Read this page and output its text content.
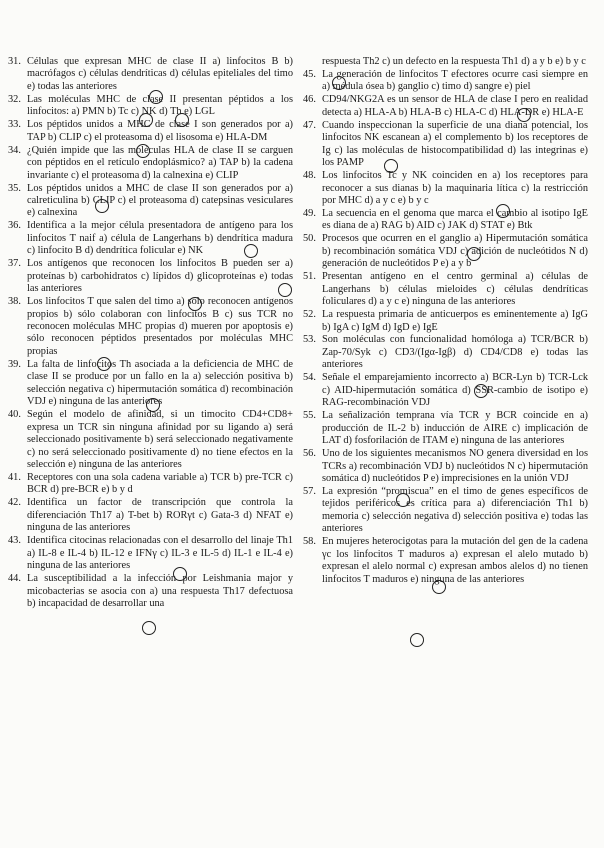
31. Células que expresan MHC de clase II a) linfocitos B b) macrófagos c) células dendríticas d) células epiteliales del timo e) todas las anteriores
32. Las moléculas MHC de clase II presentan péptidos a los linfocitos: a) PMN b) Tc c) NK d) Th e) LGL
33. Los péptidos unidos a MHC de clase I son generados por a) TAP b) CLIP c) el proteasoma d) el lisosoma e) HLA-DM
34. ¿Quién impide que las moléculas HLA de clase II se carguen con péptidos en el retículo endoplásmico? a) TAP b) la cadena invariante c) el proteasoma d) la calnexina e) CLIP
35. Los péptidos unidos a MHC de clase II son generados por a) calreticulina b) CLIP c) el proteasoma d) catepsinas vesiculares e) calnexina
36. Identifica a la mejor célula presentadora de antígeno para los linfocitos T naif a) célula de Langerhans b) dendrítica madura c) linfocito B d) dendrítica folicular e) NK
37. Los antígenos que reconocen los linfocitos B pueden ser a) proteínas b) carbohidratos c) lípidos d) glicoproteínas e) todas las anteriores
38. Los linfocitos T que salen del timo a) sólo reconocen antígenos propios b) sólo colaboran con linfocitos B c) sus TCR no reconocen moléculas MHC propias d) mueren por apoptosis e) sólo reconocen péptidos presentados por moléculas MHC propias
39. La falta de linfocitos Th asociada a la deficiencia de MHC de clase II se produce por un fallo en la a) selección positiva b) selección negativa c) hipermutación somática d) recombinación VDJ e) ninguna de las anteriores
40. Según el modelo de afinidad, si un timocito CD4+CD8+ expresa un TCR sin ninguna afinidad por su ligando a) será seleccionado positivamente b) será seleccionado negativamente c) no será seleccionado positivamente d) no tiene efectos en la selección e) ninguna de las anteriores
41. Receptores con una sola cadena variable a) TCR b) pre-TCR c) BCR d) pre-BCR e) b y d
42. Identifica un factor de transcripción que controla la diferenciación Th17 a) T-bet b) RORγt c) Gata-3 d) NFAT e) ninguna de las anteriores
43. Identifica citocinas relacionadas con el desarrollo del linaje Th1 a) IL-8 e IL-4 b) IL-12 e IFNγ c) IL-3 e IL-5 d) IL-1 e IL-4 e) ninguna de las anteriores
44. La susceptibilidad a la infección por Leishmania major y micobacterias se asocia con a) una respuesta Th17 defectuosa b) incapacidad de desarrollar una
respuesta Th2 c) un defecto en la respuesta Th1 d) a y b e) b y c
45. La generación de linfocitos T efectores ocurre casi siempre en a) médula ósea b) ganglio c) timo d) sangre e) piel
46. CD94/NKG2A es un sensor de HLA de clase I pero en realidad detecta a) HLA-A b) HLA-B c) HLA-C d) HLA-DR e) HLA-E
47. Cuando inspeccionan la superficie de una diana potencial, los linfocitos NK escanean a) el complemento b) los receptores de Ig c) las moléculas de histocompatibilidad d) las integrinas e) los PAMP
48. Los linfocitos Tc y NK coinciden en a) los receptores para reconocer a sus dianas b) la maquinaria lítica c) la restricción por MHC d) a y c e) b y c
49. La secuencia en el genoma que marca el cambio al isotipo IgE es diana de a) RAG b) AID c) JAK d) STAT e) Btk
50. Procesos que ocurren en el ganglio a) Hipermutación somática b) recombinación somática VDJ c) adición de nucleótidos N d) generación de nucleótidos P e) a y b
51. Presentan antígeno en el centro germinal a) células de Langerhans b) células mieloides c) células dendríticas foliculares d) a y c e) ninguna de las anteriores
52. La respuesta primaria de anticuerpos es eminentemente a) IgG b) IgA c) IgM d) IgD e) IgE
53. Son moléculas con funcionalidad homóloga a) TCR/BCR b) Zap-70/Syk c) CD3/(Igα-Igβ) d) CD4/CD8 e) todas las anteriores
54. Señale el emparejamiento incorrecto a) BCR-Lyn b) TCR-Lck c) AID-hipermutación somática d) SSR-cambio de isotipo e) RAG-recombinación VDJ
55. La señalización temprana vía TCR y BCR coincide en a) producción de IL-2 b) inducción de AIRE c) implicación de LAT d) fosforilación de ITAM e) ninguna de las anteriores
56. Uno de los siguientes mecanismos NO genera diversidad en los TCRs a) recombinación VDJ b) nucleótidos N c) hipermutación somática d) nucleótidos P e) imprecisiones en la unión VDJ
57. La expresión “promiscua” en el timo de genes específicos de tejidos periféricos es crítica para a) diferenciación Th1 b) memoria c) selección negativa d) selección positiva e) todas las anteriores
58. En mujeres heterocigotas para la mutación del gen de la cadena γc los linfocitos T maduros a) expresan el alelo mutado b) expresan el alelo normal c) expresan ambos alelos d) no tienen linfocitos T maduros e) ninguna de las anteriores
